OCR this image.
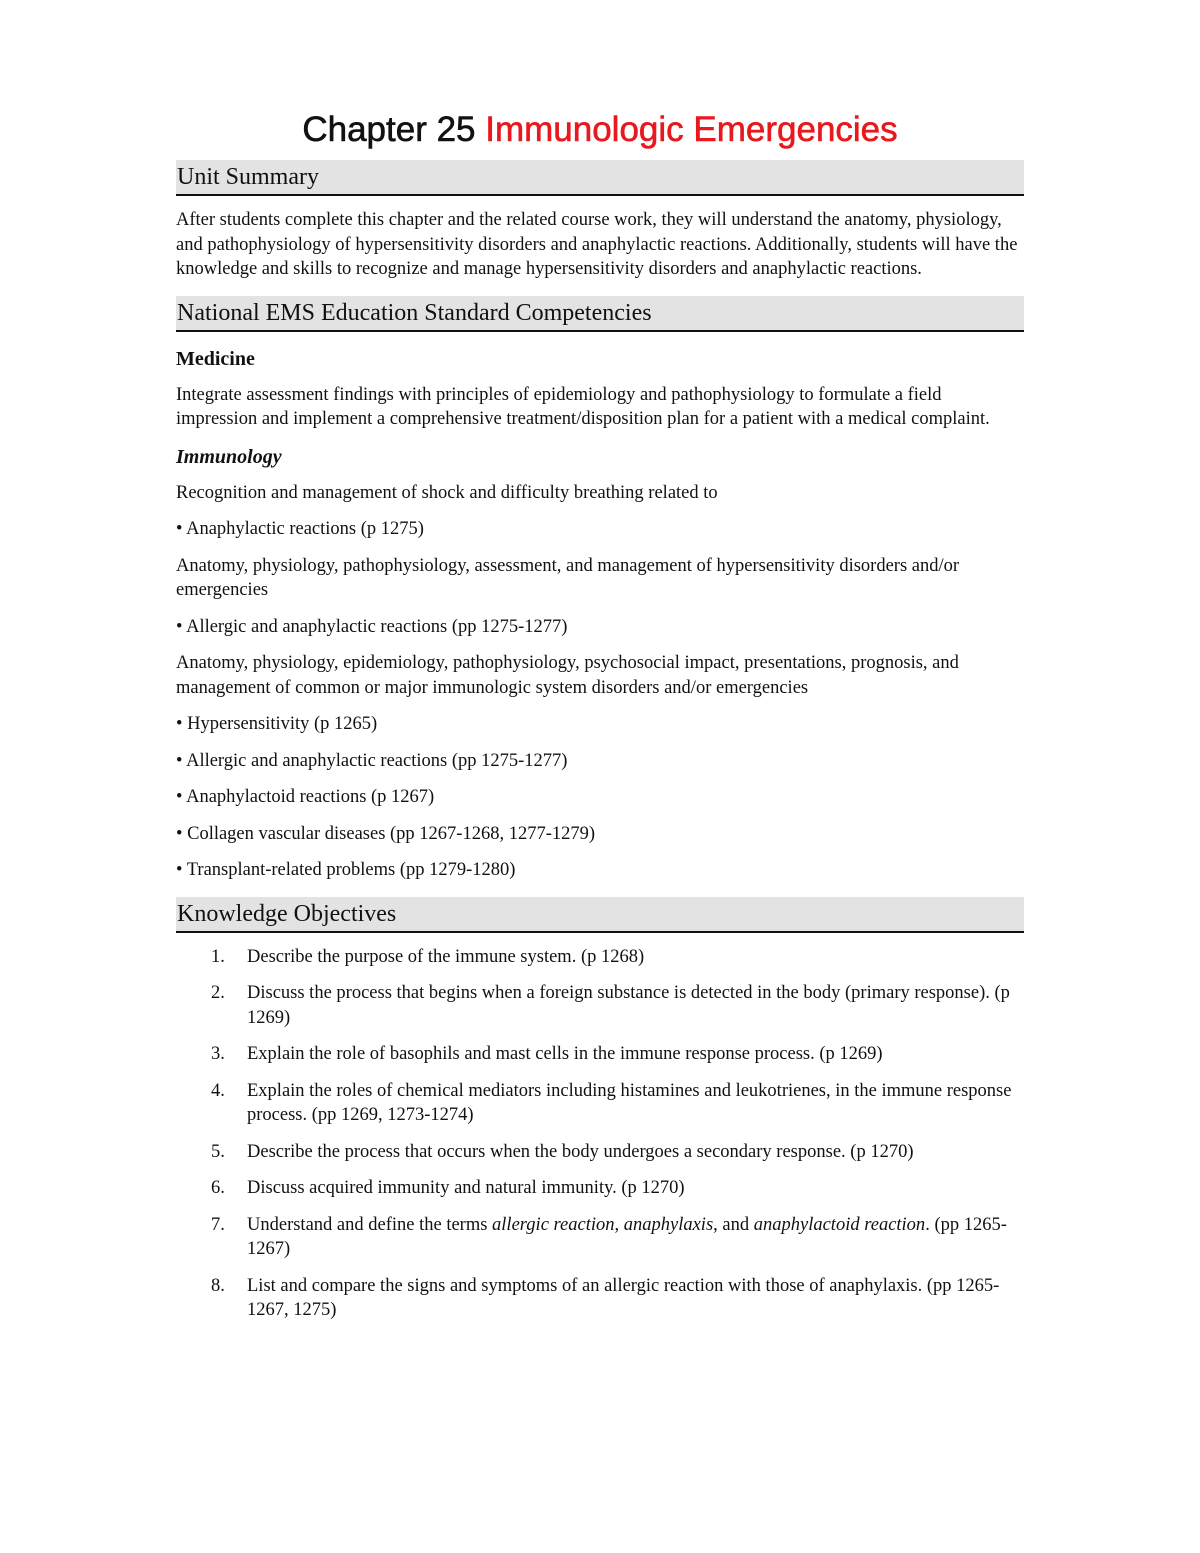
Chapter 25 Immunologic Emergencies
Unit Summary

After students complete this chapter and the related course work, they will understand the anatomy, physiology, and pathophysiology of hypersensitivity disorders and anaphylactic reactions. Additionally, students will have the knowledge and skills to recognize and manage hypersensitivity disorders and anaphylactic reactions.

National EMS Education Standard Competencies

Medicine

Integrate assessment findings with principles of epidemiology and pathophysiology to formulate a field impression and implement a comprehensive treatment/disposition plan for a patient with a medical complaint.

Immunology

Recognition and management of shock and difficulty breathing related to

• Anaphylactic reactions (p 1275)

Anatomy, physiology, pathophysiology, assessment, and management of hypersensitivity disorders and/or emergencies

• Allergic and anaphylactic reactions (pp 1275-1277)

Anatomy, physiology, epidemiology, pathophysiology, psychosocial impact, presentations, prognosis, and management of common or major immunologic system disorders and/or emergencies

• Hypersensitivity (p 1265)

• Allergic and anaphylactic reactions (pp 1275-1277)

• Anaphylactoid reactions (p 1267)

• Collagen vascular diseases (pp 1267-1268, 1277-1279)

• Transplant-related problems (pp 1279-1280)

Knowledge Objectives
1. Describe the purpose of the immune system. (p 1268)
2. Discuss the process that begins when a foreign substance is detected in the body (primary response). (p 1269)
3. Explain the role of basophils and mast cells in the immune response process. (p 1269)
4. Explain the roles of chemical mediators including histamines and leukotrienes, in the immune response process. (pp 1269, 1273-1274)
5. Describe the process that occurs when the body undergoes a secondary response. (p 1270)
6. Discuss acquired immunity and natural immunity. (p 1270)
7. Understand and define the terms allergic reaction, anaphylaxis, and anaphylactoid reaction. (pp 1265-1267)
8. List and compare the signs and symptoms of an allergic reaction with those of anaphylaxis. (pp 1265-1267, 1275)
